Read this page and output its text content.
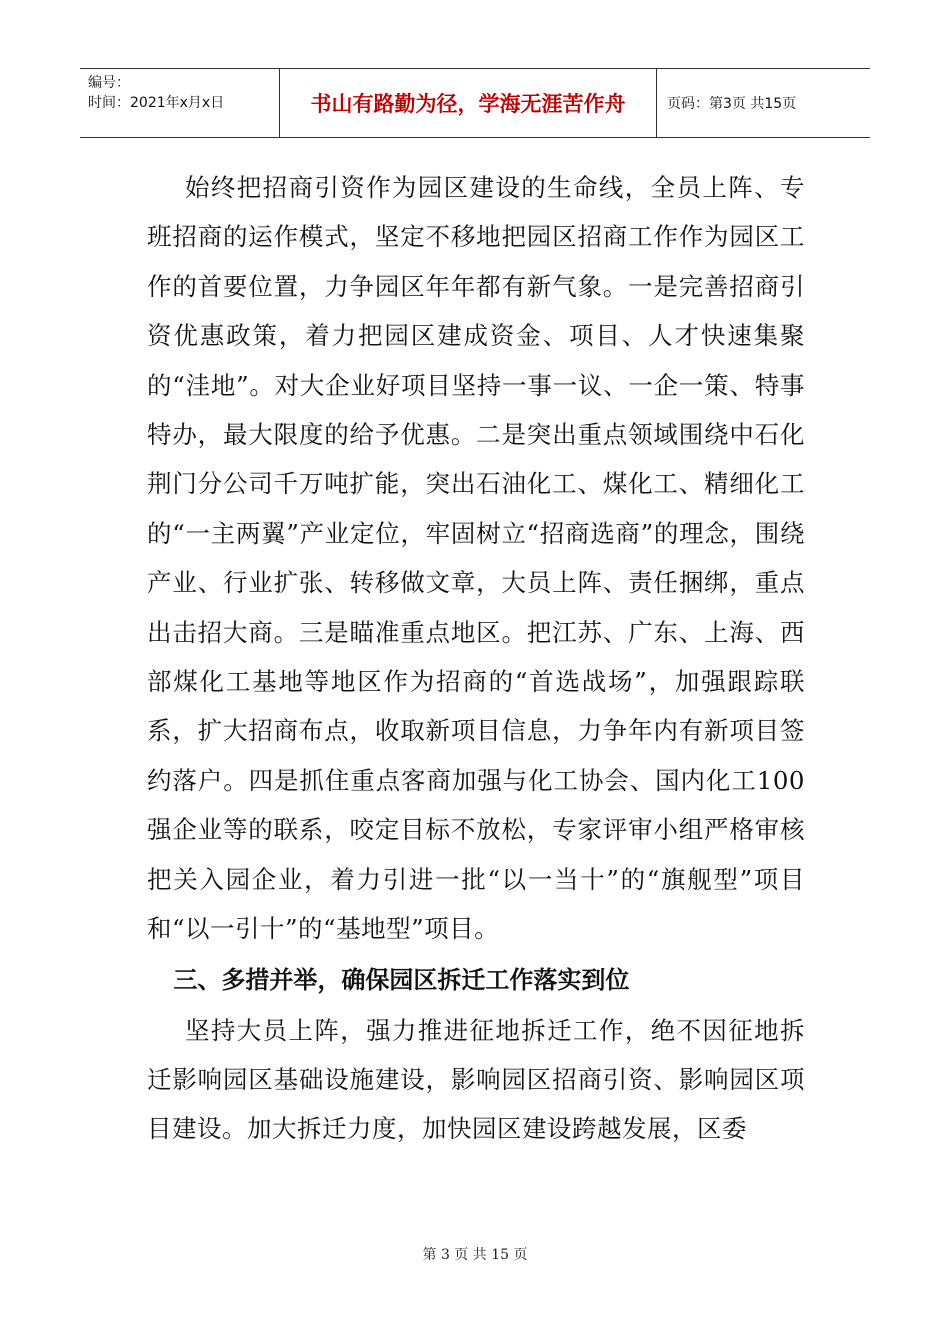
编号：
时间：2021年x月x日	书山有路勤为径，学海无涯苦作舟	页码：第3页 共15页

始终把招商引资作为园区建设的生命线，全员上阵、专班招商的运作模式，坚定不移地把园区招商工作作为园区工作的首要位置，力争园区年年都有新气象。一是完善招商引资优惠政策，着力把园区建成资金、项目、人才快速集聚的“洼地”。对大企业好项目坚持一事一议、一企一策、特事特办，最大限度的给予优惠。二是突出重点领域围绕中石化荆门分公司千万吨扩能，突出石油化工、煤化工、精细化工的“一主两翼”产业定位，牢固树立“招商选商”的理念，围绕产业、行业扩张、转移做文章，大员上阵、责任捆绑，重点出击招大商。三是瞄准重点地区。把江苏、广东、上海、西部煤化工基地等地区作为招商的“首选战场”，加强跟踪联系，扩大招商布点，收取新项目信息，力争年内有新项目签约落户。四是抓住重点客商加强与化工协会、国内化工100强企业等的联系，咬定目标不放松，专家评审小组严格审核把关入园企业，着力引进一批“以一当十”的“旗舰型”项目和“以一引十”的“基地型”项目。

三、多措并举，确保园区拆迁工作落实到位

坚持大员上阵，强力推进征地拆迁工作，绝不因征地拆迁影响园区基础设施建设，影响园区招商引资、影响园区项目建设。加大拆迁力度，加快园区建设跨越发展，区委

第 3 页 共 15 页
